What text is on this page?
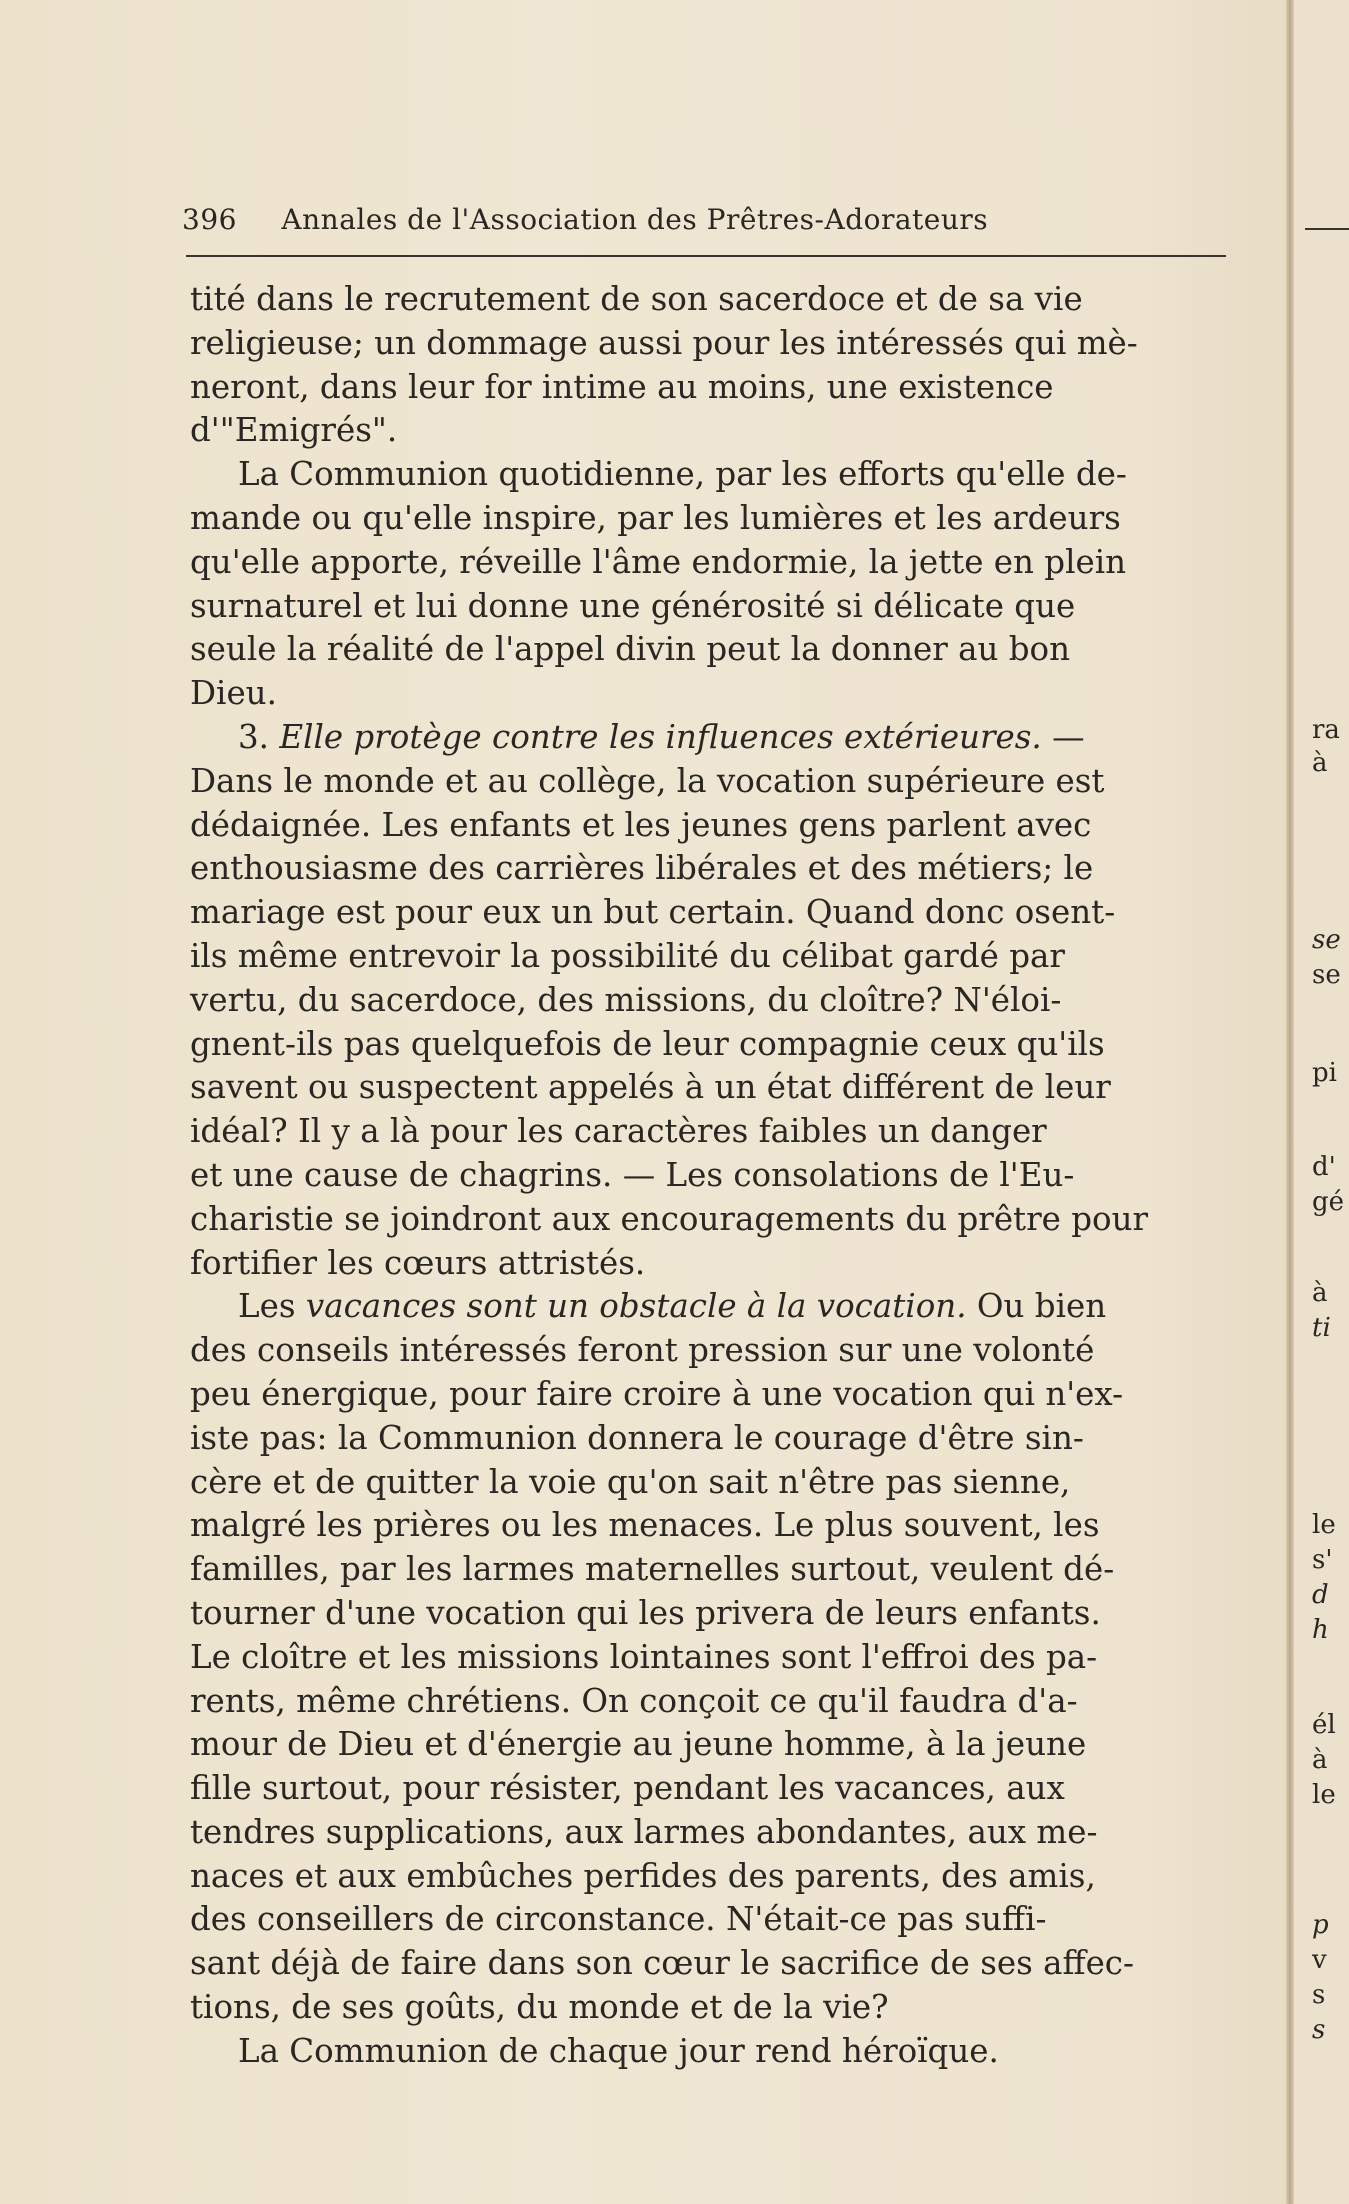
396 Annales de l'Association des Prêtres-Adorateurs
tité dans le recrutement de son sacerdoce et de sa vie
religieuse; un dommage aussi pour les intéressés qui mè-
neront, dans leur for intime au moins, une existence
d'"Emigrés".
La Communion quotidienne, par les efforts qu'elle de-
mande ou qu'elle inspire, par les lumières et les ardeurs
qu'elle apporte, réveille l'âme endormie, la jette en plein
surnaturel et lui donne une générosité si délicate que
seule la réalité de l'appel divin peut la donner au bon
Dieu.
3. Elle protège contre les influences extérieures. —
Dans le monde et au collège, la vocation supérieure est
dédaignée. Les enfants et les jeunes gens parlent avec
enthousiasme des carrières libérales et des métiers; le
mariage est pour eux un but certain. Quand donc osent-
ils même entrevoir la possibilité du célibat gardé par
vertu, du sacerdoce, des missions, du cloître? N'éloi-
gnent-ils pas quelquefois de leur compagnie ceux qu'ils
savent ou suspectent appelés à un état différent de leur
idéal? Il y a là pour les caractères faibles un danger
et une cause de chagrins. — Les consolations de l'Eu-
charistie se joindront aux encouragements du prêtre pour
fortifier les cœurs attristés.
Les vacances sont un obstacle à la vocation. Ou bien
des conseils intéressés feront pression sur une volonté
peu énergique, pour faire croire à une vocation qui n'ex-
iste pas: la Communion donnera le courage d'être sin-
cère et de quitter la voie qu'on sait n'être pas sienne,
malgré les prières ou les menaces. Le plus souvent, les
familles, par les larmes maternelles surtout, veulent dé-
tourner d'une vocation qui les privera de leurs enfants.
Le cloître et les missions lointaines sont l'effroi des pa-
rents, même chrétiens. On conçoit ce qu'il faudra d'a-
mour de Dieu et d'énergie au jeune homme, à la jeune
fille surtout, pour résister, pendant les vacances, aux
tendres supplications, aux larmes abondantes, aux me-
naces et aux embûches perfides des parents, des amis,
des conseillers de circonstance. N'était-ce pas suffi-
sant déjà de faire dans son cœur le sacrifice de ses affec-
tions, de ses goûts, du monde et de la vie?
La Communion de chaque jour rend héroïque.
ra
à
se
se
pi
d'
gé
à
ti
le
s'
d
h
él
à
le
p
v
s
s
